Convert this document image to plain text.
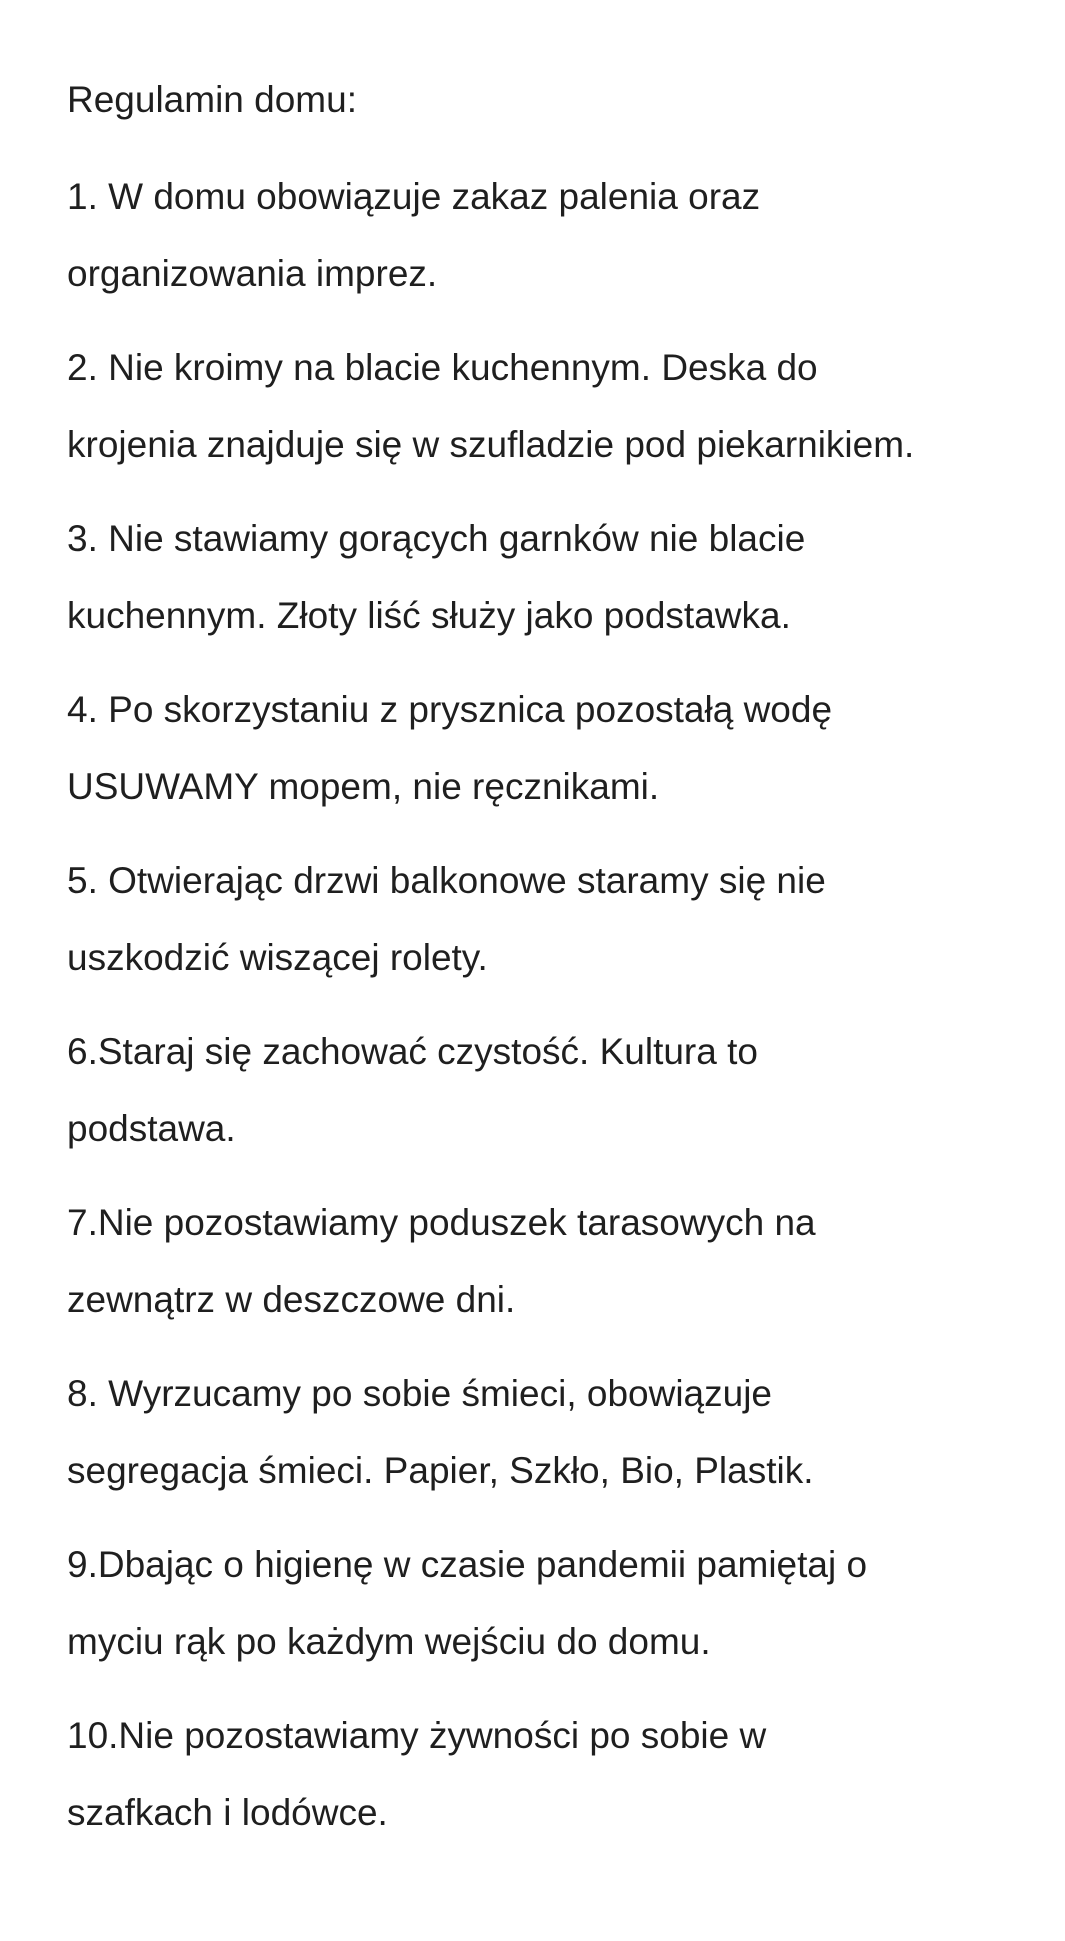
Regulamin domu:
1. W domu obowiązuje zakaz palenia oraz
organizowania imprez.
2. Nie kroimy na blacie kuchennym. Deska do
krojenia znajduje się w szufladzie pod piekarnikiem.
3. Nie stawiamy gorących garnków nie blacie
kuchennym. Złoty liść służy jako podstawka.
4. Po skorzystaniu z prysznica pozostałą wodę
USUWAMY mopem, nie ręcznikami.
5. Otwierając drzwi balkonowe staramy się nie
uszkodzić wiszącej rolety.
6.Staraj się zachować czystość. Kultura to
podstawa.
7.Nie pozostawiamy poduszek tarasowych na
zewnątrz w deszczowe dni.
8. Wyrzucamy po sobie śmieci, obowiązuje
segregacja śmieci. Papier, Szkło, Bio, Plastik.
9.Dbając o higienę w czasie pandemii pamiętaj o
myciu rąk po każdym wejściu do domu.
10.Nie pozostawiamy żywności po sobie w
szafkach i lodówce.
